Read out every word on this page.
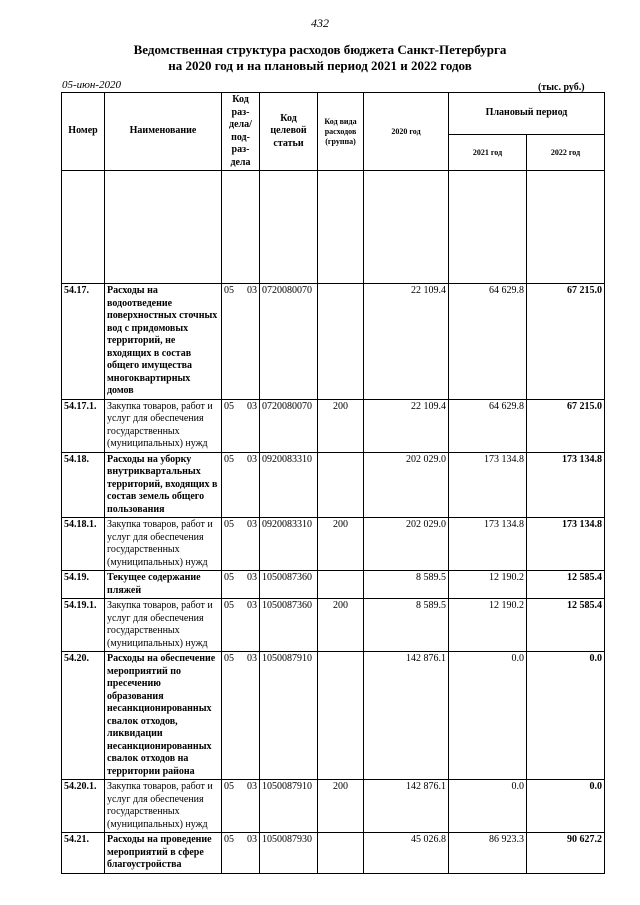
432
Ведомственная структура расходов бюджета Санкт-Петербурга
на 2020 год и на плановый период 2021 и 2022 годов
05-июн-2020	(тыс. руб.)
Номер	Наименование	Код раз-дела/ под-раз-дела	Код целевой статьи	Код вида расходов (группа)	2020 год	Плановый период	
						2021 год	2022 год

54.17.	Расходы на водоотведение поверхностных сточных вод с придомовых территорий, не входящих в состав общего имущества многоквартирных домов	05 03	0720080070		22 109.4	64 629.8	67 215.0
54.17.1.	Закупка товаров, работ и услуг для обеспечения государственных (муниципальных) нужд	05 03	0720080070	200	22 109.4	64 629.8	67 215.0
54.18.	Расходы на уборку внутриквартальных территорий, входящих в состав земель общего пользования	05 03	0920083310		202 029.0	173 134.8	173 134.8
54.18.1.	Закупка товаров, работ и услуг для обеспечения государственных (муниципальных) нужд	05 03	0920083310	200	202 029.0	173 134.8	173 134.8
54.19.	Текущее содержание пляжей	05 03	1050087360		8 589.5	12 190.2	12 585.4
54.19.1.	Закупка товаров, работ и услуг для обеспечения государственных (муниципальных) нужд	05 03	1050087360	200	8 589.5	12 190.2	12 585.4
54.20.	Расходы на обеспечение мероприятий по пресечению образования несанкционированных свалок отходов, ликвидации несанкционированных свалок отходов на территории района	05 03	1050087910		142 876.1	0.0	0.0
54.20.1.	Закупка товаров, работ и услуг для обеспечения государственных (муниципальных) нужд	05 03	1050087910	200	142 876.1	0.0	0.0
54.21.	Расходы на проведение мероприятий в сфере благоустройства	05 03	1050087930		45 026.8	86 923.3	90 627.2
